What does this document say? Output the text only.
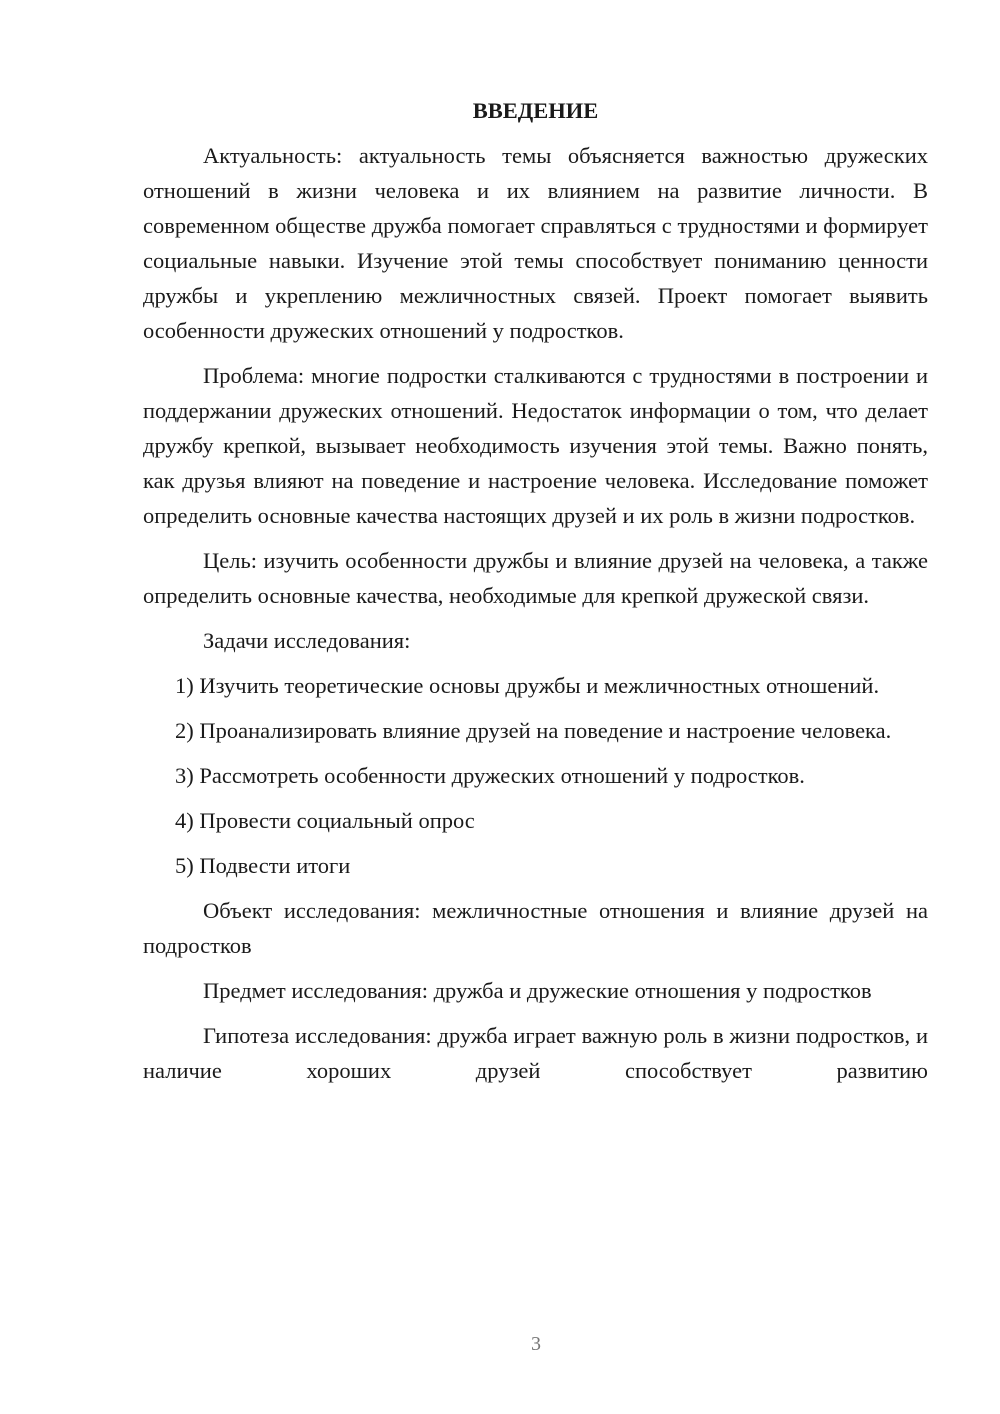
ВВЕДЕНИЕ

Актуальность: актуальность темы объясняется важностью дружеских отношений в жизни человека и их влиянием на развитие личности. В современном обществе дружба помогает справляться с трудностями и формирует социальные навыки. Изучение этой темы способствует пониманию ценности дружбы и укреплению межличностных связей. Проект помогает выявить особенности дружеских отношений у подростков.

Проблема: многие подростки сталкиваются с трудностями в построении и поддержании дружеских отношений. Недостаток информации о том, что делает дружбу крепкой, вызывает необходимость изучения этой темы. Важно понять, как друзья влияют на поведение и настроение человека. Исследование поможет определить основные качества настоящих друзей и их роль в жизни подростков.

Цель: изучить особенности дружбы и влияние друзей на человека, а также определить основные качества, необходимые для крепкой дружеской связи.

Задачи исследования:

1) Изучить теоретические основы дружбы и межличностных отношений.

2) Проанализировать влияние друзей на поведение и настроение человека.

3) Рассмотреть особенности дружеских отношений у подростков.

4) Провести социальный опрос

5) Подвести итоги

Объект исследования: межличностные отношения и влияние друзей на подростков

Предмет исследования: дружба и дружеские отношения у подростков

Гипотеза исследования: дружба играет важную роль в жизни подростков, и наличие хороших друзей способствует развитию

3
